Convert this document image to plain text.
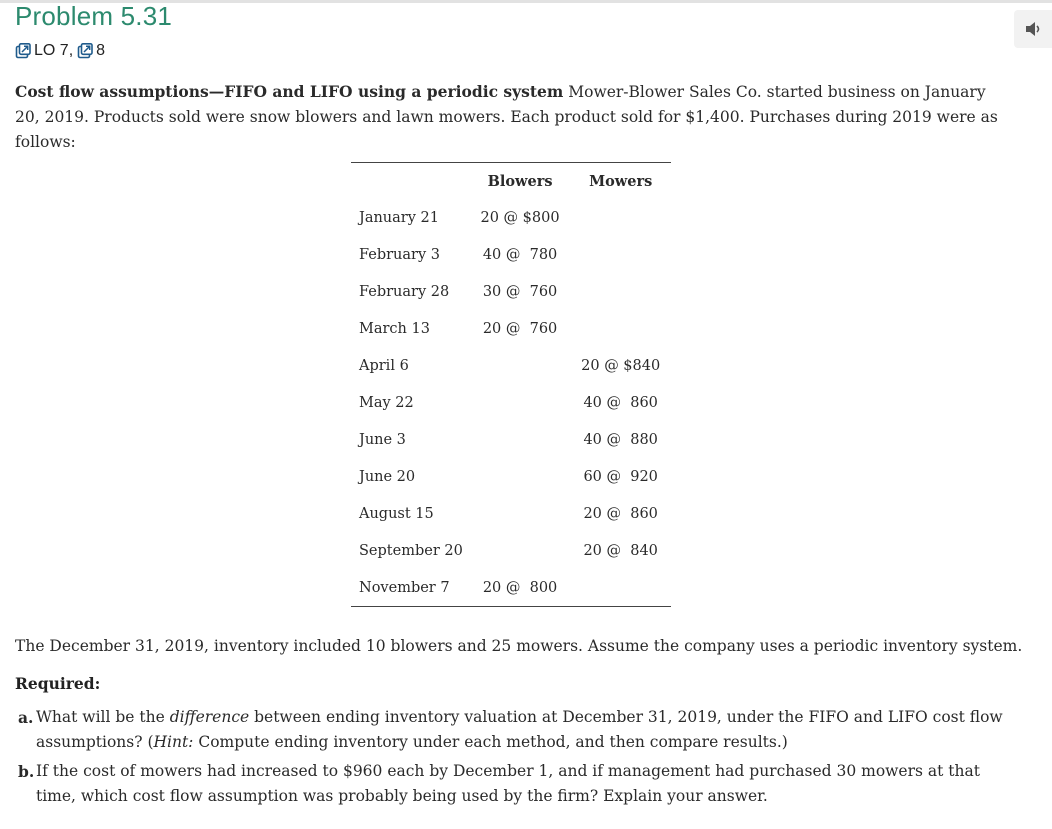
Problem 5.31
LO 7, 8
Cost flow assumptions—FIFO and LIFO using a periodic system Mower-Blower Sales Co. started business on January 20, 2019. Products sold were snow blowers and lawn mowers. Each product sold for $1,400. Purchases during 2019 were as follows:
	Blowers	Mowers
January 21	20 @ $800	
February 3	40 @  780	
February 28	30 @  760	
March 13	20 @  760	
April 6		20 @ $840
May 22		40 @  860
June 3		40 @  880
June 20		60 @  920
August 15		20 @  860
September 20		20 @  840
November 7	20 @  800	
The December 31, 2019, inventory included 10 blowers and 25 mowers. Assume the company uses a periodic inventory system.
Required:
a. What will be the difference between ending inventory valuation at December 31, 2019, under the FIFO and LIFO cost flow assumptions? (Hint: Compute ending inventory under each method, and then compare results.)
b. If the cost of mowers had increased to $960 each by December 1, and if management had purchased 30 mowers at that time, which cost flow assumption was probably being used by the firm? Explain your answer.
